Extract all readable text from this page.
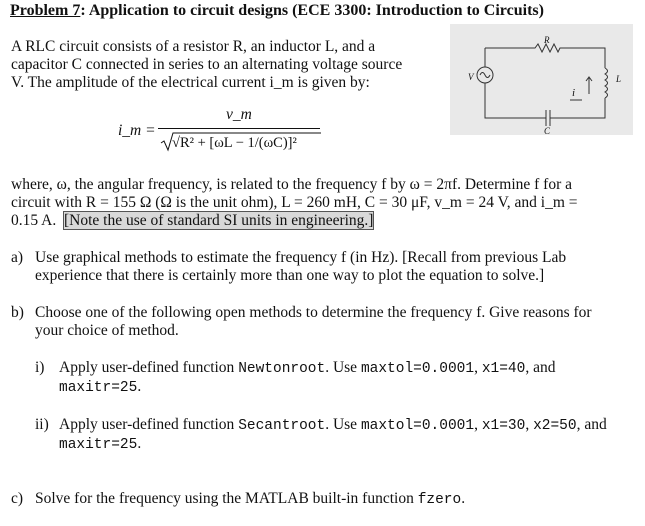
Problem 7: Application to circuit designs (ECE 3300: Introduction to Circuits)
A RLC circuit consists of a resistor R, an inductor L, and a
capacitor C connected in series to an alternating voltage source
V. The amplitude of the electrical current i_m is given by:
i_m =
v_m
√R² + [ωL − 1/(ωC)]²
R
L
C
V
i
where, ω, the angular frequency, is related to the frequency f by ω = 2πf. Determine f for a
circuit with R = 155 Ω (Ω is the unit ohm), L = 260 mH, C = 30 μF, v_m = 24 V, and i_m =
0.15 A. [Note the use of standard SI units in engineering.]
a) Use graphical methods to estimate the frequency f (in Hz). [Recall from previous Lab
experience that there is certainly more than one way to plot the equation to solve.]
b) Choose one of the following open methods to determine the frequency f. Give reasons for
your choice of method.
i) Apply user-defined function Newtonroot. Use maxtol=0.0001, x1=40, and
maxitr=25.
ii) Apply user-defined function Secantroot. Use maxtol=0.0001, x1=30, x2=50, and
maxitr=25.
c) Solve for the frequency using the MATLAB built-in function fzero.
